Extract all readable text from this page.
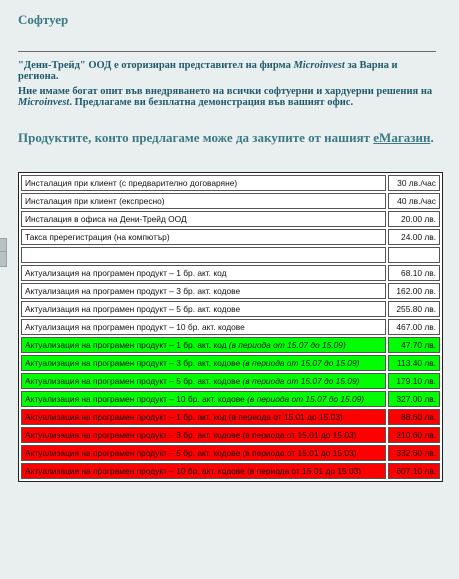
Софтуер
"Дени-Трейд" ООД е оторизиран представител на фирма Microinvest за Варна и региона.
Ние имаме богат опит във внедряването на всички софтуерни и хардуерни решения на Microinvest. Предлагаме ви безплатна демонстрация във вашият офис.
Продуктите, конто предлагаме може да закупите от нашият eМагазин.
Инсталация при клиент (с предварително договаряне)	30 лв./час
Инсталация при клиент (експресно)	40 лв./час
Инсталация в офиса на Дени-Трейд ООД	20.00 лв.
Такса пререгистрация (на компютър)	24.00 лв.

Актуализация на програмен продукт – 1 бр. акт. код	68.10 лв.
Актуализация на програмен продукт – 3 бр. акт. кодове	162.00 лв.
Актуализация на програмен продукт – 5 бр. акт. кодове	255.80 лв.
Актуализация на програмен продукт – 10 бр. акт. кодове	467.00 лв.
Актуализация на програмен продукт – 1 бр. акт. код (в периода от 15.07 до 15.09)	47.70 лв.
Актуализация на програмен продукт – 3 бр. акт. кодове (в периода от 15.07 до 15.09)	113.40 лв.
Актуализация на програмен продукт – 5 бр. акт. кодове (в периода от 15.07 до 15.09)	179.10 лв.
Актуализация на програмен продукт – 10 бр. акт. кодове (в периода от 15.07 до 15.09)	327.00 лв.
Актуализация на програмен продукт – 1 бр. акт. код (в периода от 15.01 до 15.03)	88.60 лв.
Актуализация на програмен продукт – 3 бр. акт. кодове (в периода от 15.01 до 15.03)	210.60 лв.
Актуализация на програмен продукт – 5 бр. акт. кодове (в периода от 15.01 до 15.03)	332.60 лв.
Актуализация на програмен продукт – 10 бр. акт. кодове (в периода от 15.01 до 15.03)	607.10 лв.
